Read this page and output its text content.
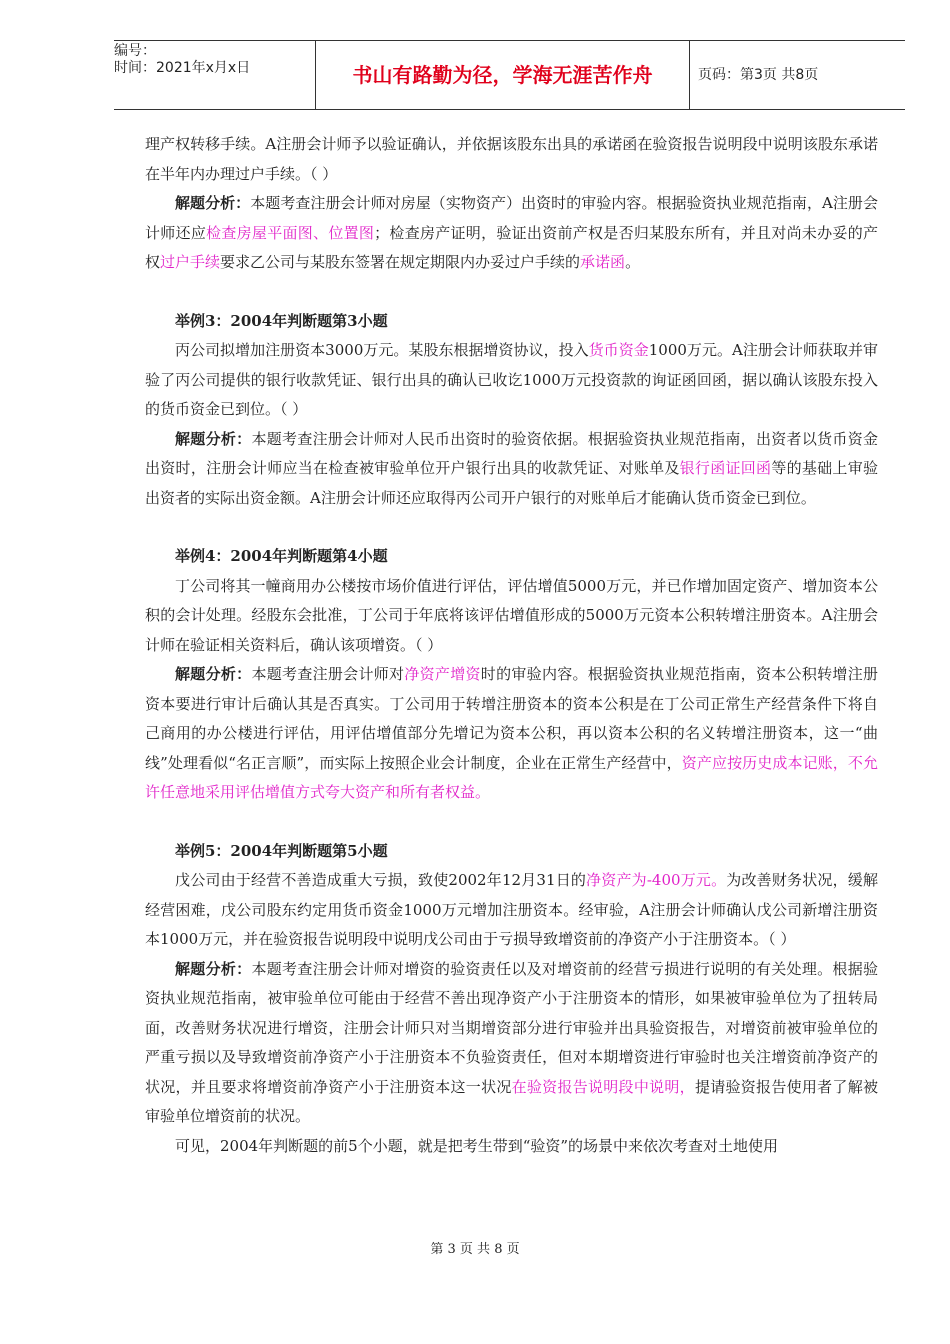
编号：
时间：2021年x月x日	书山有路勤为径，学海无涯苦作舟	页码：第3页 共8页

理产权转移手续。A注册会计师予以验证确认，并依据该股东出具的承诺函在验资报告说明段中说明该股东承诺在半年内办理过户手续。（ ）

解题分析：本题考查注册会计师对房屋（实物资产）出资时的审验内容。根据验资执业规范指南，A注册会计师还应检查房屋平面图、位置图；检查房产证明，验证出资前产权是否归某股东所有，并且对尚未办妥的产权过户手续要求乙公司与某股东签署在规定期限内办妥过户手续的承诺函。

举例3：2004年判断题第3小题

丙公司拟增加注册资本3000万元。某股东根据增资协议，投入货币资金1000万元。A注册会计师获取并审验了丙公司提供的银行收款凭证、银行出具的确认已收讫1000万元投资款的询证函回函，据以确认该股东投入的货币资金已到位。（ ）

解题分析：本题考查注册会计师对人民币出资时的验资依据。根据验资执业规范指南，出资者以货币资金出资时，注册会计师应当在检查被审验单位开户银行出具的收款凭证、对账单及银行函证回函等的基础上审验出资者的实际出资金额。A注册会计师还应取得丙公司开户银行的对账单后才能确认货币资金已到位。

举例4：2004年判断题第4小题

丁公司将其一幢商用办公楼按市场价值进行评估，评估增值5000万元，并已作增加固定资产、增加资本公积的会计处理。经股东会批准，丁公司于年底将该评估增值形成的5000万元资本公积转增注册资本。A注册会计师在验证相关资料后，确认该项增资。（ ）

解题分析：本题考查注册会计师对净资产增资时的审验内容。根据验资执业规范指南，资本公积转增注册资本要进行审计后确认其是否真实。丁公司用于转增注册资本的资本公积是在丁公司正常生产经营条件下将自己商用的办公楼进行评估，用评估增值部分先增记为资本公积，再以资本公积的名义转增注册资本，这一“曲线”处理看似“名正言顺”，而实际上按照企业会计制度，企业在正常生产经营中，资产应按历史成本记账，不允许任意地采用评估增值方式夸大资产和所有者权益。

举例5：2004年判断题第5小题

戊公司由于经营不善造成重大亏损，致使2002年12月31日的净资产为-400万元。为改善财务状况，缓解经营困难，戊公司股东约定用货币资金1000万元增加注册资本。经审验，A注册会计师确认戊公司新增注册资本1000万元，并在验资报告说明段中说明戊公司由于亏损导致增资前的净资产小于注册资本。（ ）

解题分析：本题考查注册会计师对增资的验资责任以及对增资前的经营亏损进行说明的有关处理。根据验资执业规范指南，被审验单位可能由于经营不善出现净资产小于注册资本的情形，如果被审验单位为了扭转局面，改善财务状况进行增资，注册会计师只对当期增资部分进行审验并出具验资报告，对增资前被审验单位的严重亏损以及导致增资前净资产小于注册资本不负验资责任，但对本期增资进行审验时也关注增资前净资产的状况，并且要求将增资前净资产小于注册资本这一状况在验资报告说明段中说明，提请验资报告使用者了解被审验单位增资前的状况。

可见，2004年判断题的前5个小题，就是把考生带到“验资”的场景中来依次考查对土地使用

第 3 页 共 8 页
